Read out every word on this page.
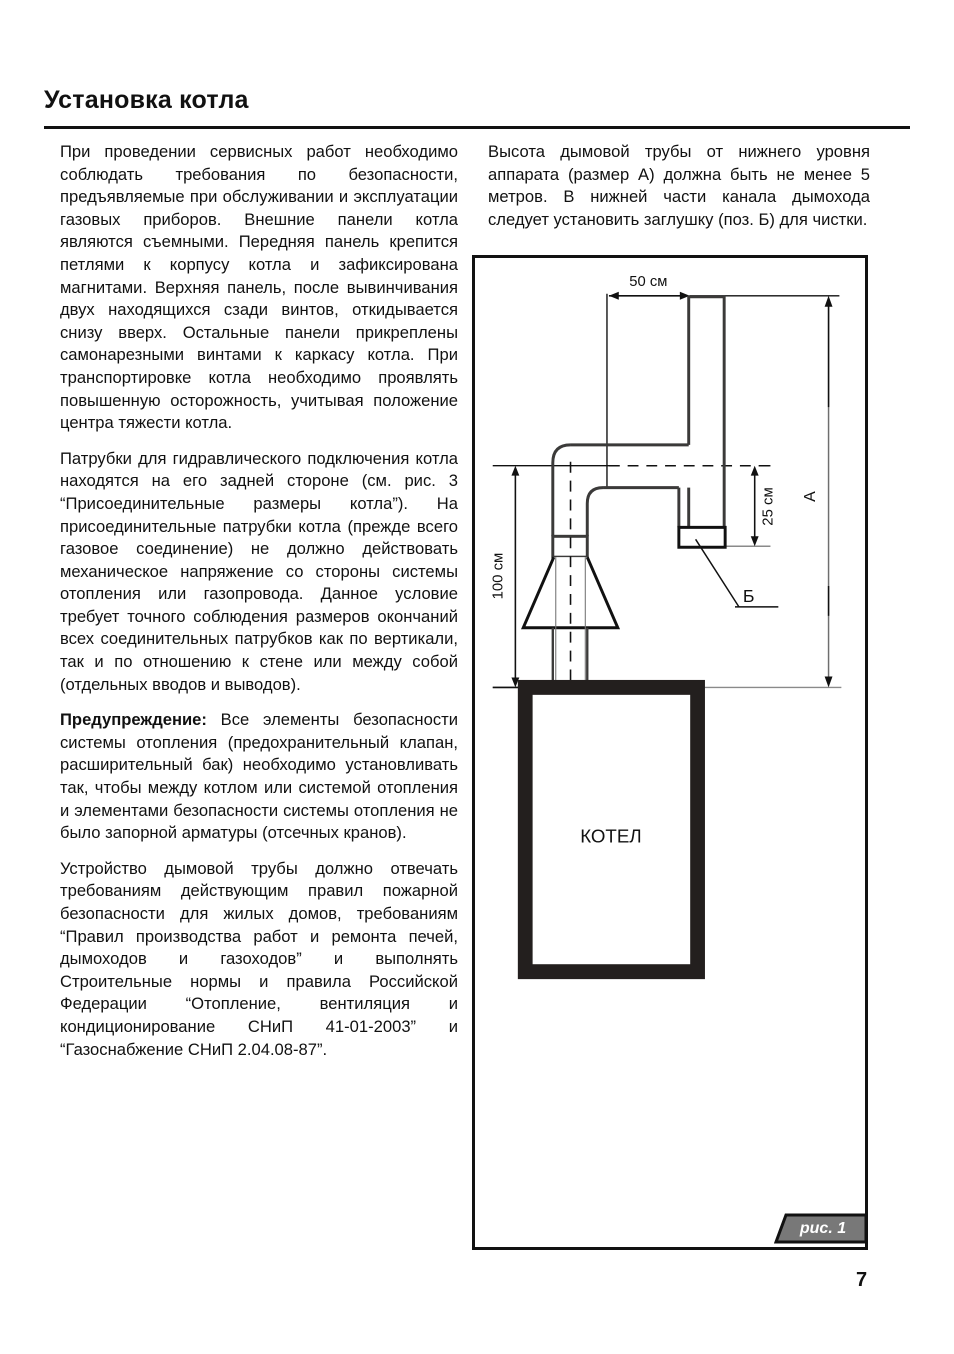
Установка котла

При проведении сервисных работ необходимо соблюдать требования по безопасности, предъявляемые при обслуживании и эксплуатации газовых приборов. Внешние панели котла являются съемными. Передняя панель крепится петлями к корпусу котла и зафиксирована магнитами. Верхняя панель, после вывинчивания двух находящихся сзади винтов, откидывается снизу вверх. Остальные панели прикреплены самонарезными винтами к каркасу котла. При транспортировке котла необходимо проявлять повышенную осторожность, учитывая положение центра тяжести котла.

Патрубки для гидравлического подключения котла находятся на его задней стороне (см. рис. 3 “Присоединительные размеры котла”). На присоединительные патрубки котла (прежде всего газовое соединение) не должно действовать механическое напряжение со стороны системы отопления или газопровода. Данное условие требует точного соблюдения размеров окончаний всех соединительных патрубков как по вертикали, так и по отношению к стене или между собой (отдельных вводов и выводов).

Предупреждение: Все элементы безопасности системы отопления (предохранительный клапан, расширительный бак) необходимо установливать так, чтобы между котлом или системой отопления и элементами безопасности системы отопления не было запорной арматуры (отсечных кранов).

Устройство дымовой трубы должно отвечать требованиям действующим правил пожарной безопасности для жилых домов, требованиям “Правил производства работ и ремонта печей, дымоходов и газоходов” и выполнять Строительные нормы и правила Российской Федерации “Отопление, вентиляция и кондиционирование СНиП 41-01-2003” и “Газоснабжение СНиП 2.04.08-87”.

Высота дымовой трубы от нижнего уровня аппарата (размер А) должна быть не менее 5 метров. В нижней части канала дымохода следует установить заглушку (поз. Б) для чистки.

50 см
Б
25 см
100 см
А
КОТЕЛ
рис. 1
7
